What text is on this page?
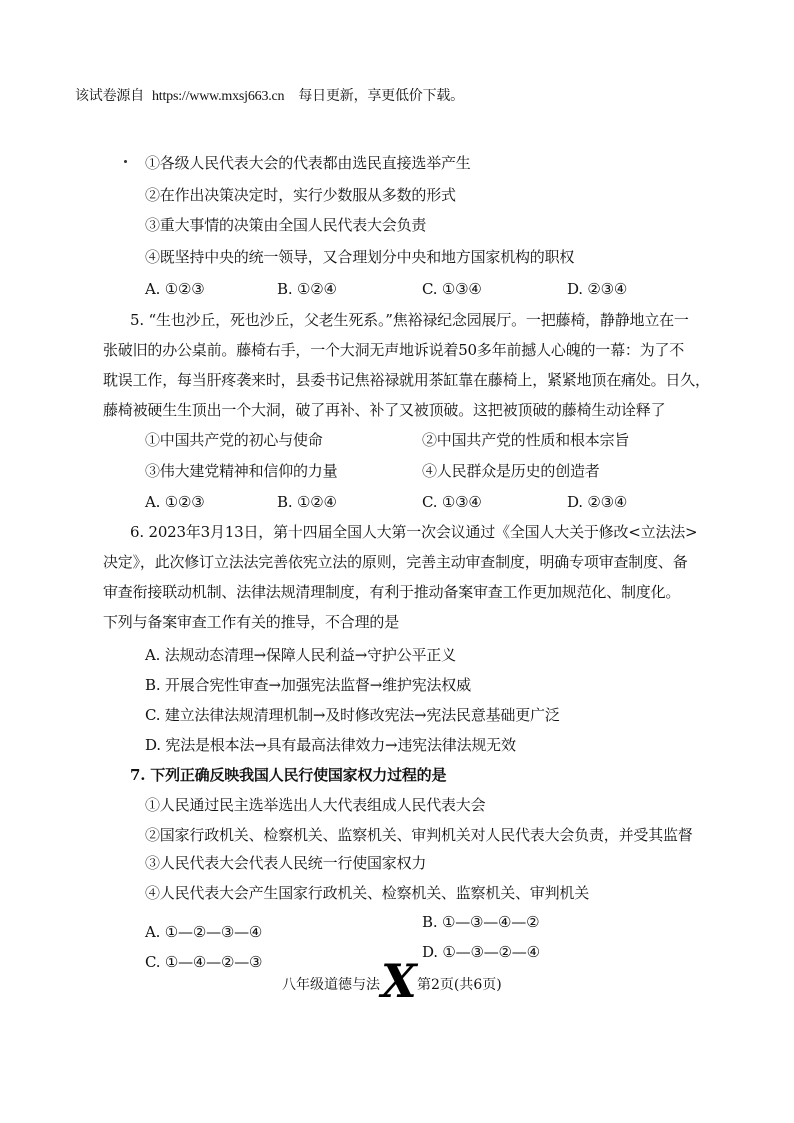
该试卷源自 https://www.mxsj663.cn 每日更新，享更低价下载。
①各级人民代表大会的代表都由选民直接选举产生
②在作出决策决定时，实行少数服从多数的形式
③重大事情的决策由全国人民代表大会负责
④既坚持中央的统一领导，又合理划分中央和地方国家机构的职权
A. ①②③	B. ①②④	C. ①③④	D. ②③④
5. “生也沙丘，死也沙丘，父老生死系。”焦裕禄纪念园展厅。一把藤椅，静静地立在一
张破旧的办公桌前。藤椅右手，一个大洞无声地诉说着50多年前撼人心魄的一幕：为了不
耽误工作，每当肝疼袭来时，县委书记焦裕禄就用茶缸靠在藤椅上，紧紧地顶在痛处。日久，
藤椅被硬生生顶出一个大洞，破了再补、补了又被顶破。这把被顶破的藤椅生动诠释了
①中国共产党的初心与使命	②中国共产党的性质和根本宗旨
③伟大建党精神和信仰的力量	④人民群众是历史的创造者
A. ①②③	B. ①②④	C. ①③④	D. ②③④
6. 2023年3月13日，第十四届全国人大第一次会议通过《全国人大关于修改<立法法>
决定》，此次修订立法法完善依宪立法的原则，完善主动审查制度，明确专项审查制度、备
审查衔接联动机制、法律法规清理制度，有利于推动备案审查工作更加规范化、制度化。
下列与备案审查工作有关的推导，不合理的是
A. 法规动态清理→保障人民利益→守护公平正义
B. 开展合宪性审查→加强宪法监督→维护宪法权威
C. 建立法律法规清理机制→及时修改宪法→宪法民意基础更广泛
D. 宪法是根本法→具有最高法律效力→违宪法律法规无效
7. 下列正确反映我国人民行使国家权力过程的是
①人民通过民主选举选出人大代表组成人民代表大会
②国家行政机关、检察机关、监察机关、审判机关对人民代表大会负责，并受其监督
③人民代表大会代表人民统一行使国家权力
④人民代表大会产生国家行政机关、检察机关、监察机关、审判机关
A. ①—②—③—④
B. ①—③—④—②
C. ①—④—②—③
D. ①—③—②—④
八年级道德与法 X 第2页(共6页)
